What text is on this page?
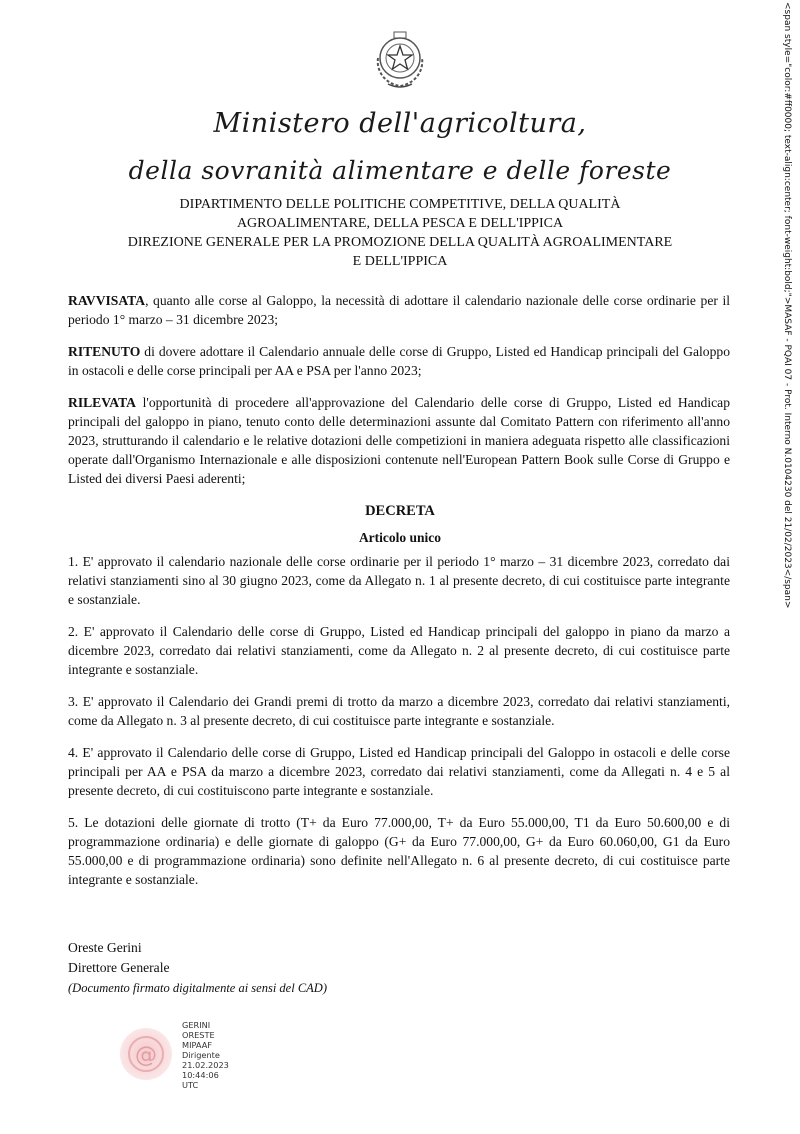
Ministero dell'agricoltura,
della sovranità alimentare e delle foreste
DIPARTIMENTO DELLE POLITICHE COMPETITIVE, DELLA QUALITÀ
AGROALIMENTARE, DELLA PESCA E DELL'IPPICA
DIREZIONE GENERALE PER LA PROMOZIONE DELLA QUALITÀ AGROALIMENTARE
E DELL'IPPICA

RAVVISATA, quanto alle corse al Galoppo, la necessità di adottare il calendario nazionale delle corse ordinarie per il periodo 1° marzo – 31 dicembre 2023;

RITENUTO di dovere adottare il Calendario annuale delle corse di Gruppo, Listed ed Handicap principali del Galoppo in ostacoli e delle corse principali per AA e PSA per l'anno 2023;

RILEVATA l'opportunità di procedere all'approvazione del Calendario delle corse di Gruppo, Listed ed Handicap principali del galoppo in piano, tenuto conto delle determinazioni assunte dal Comitato Pattern con riferimento all'anno 2023, strutturando il calendario e le relative dotazioni delle competizioni in maniera adeguata rispetto alle classificazioni operate dall'Organismo Internazionale e alle disposizioni contenute nell'European Pattern Book sulle Corse di Gruppo e Listed dei diversi Paesi aderenti;

DECRETA
Articolo unico

1. E' approvato il calendario nazionale delle corse ordinarie per il periodo 1° marzo – 31 dicembre 2023, corredato dai relativi stanziamenti sino al 30 giugno 2023, come da Allegato n. 1 al presente decreto, di cui costituisce parte integrante e sostanziale.

2. E' approvato il Calendario delle corse di Gruppo, Listed ed Handicap principali del galoppo in piano da marzo a dicembre 2023, corredato dai relativi stanziamenti, come da Allegato n. 2 al presente decreto, di cui costituisce parte integrante e sostanziale.

3. E' approvato il Calendario dei Grandi premi di trotto da marzo a dicembre 2023, corredato dai relativi stanziamenti, come da Allegato n. 3 al presente decreto, di cui costituisce parte integrante e sostanziale.

4. E' approvato il Calendario delle corse di Gruppo, Listed ed Handicap principali del Galoppo in ostacoli e delle corse principali per AA e PSA da marzo a dicembre 2023, corredato dai relativi stanziamenti, come da Allegati n. 4 e 5 al presente decreto, di cui costituiscono parte integrante e sostanziale.

5. Le dotazioni delle giornate di trotto (T+ da Euro 77.000,00, T+ da Euro 55.000,00, T1 da Euro 50.600,00 e di programmazione ordinaria) e delle giornate di galoppo (G+ da Euro 77.000,00, G+ da Euro 60.060,00, G1 da Euro 55.000,00 e di programmazione ordinaria) sono definite nell'Allegato n. 6 al presente decreto, di cui costituisce parte integrante e sostanziale.

Oreste Gerini
Direttore Generale
(Documento firmato digitalmente ai sensi del CAD)
@
GERINI
ORESTE
MIPAAF
Dirigente
21.02.2023
10:44:06
UTC
<span style="color:#ff0000; text-align:center; font-weight:bold;">MASAF - PQAI 07 - Prot. Interno N.0104230 del 21/02/2023</span>
